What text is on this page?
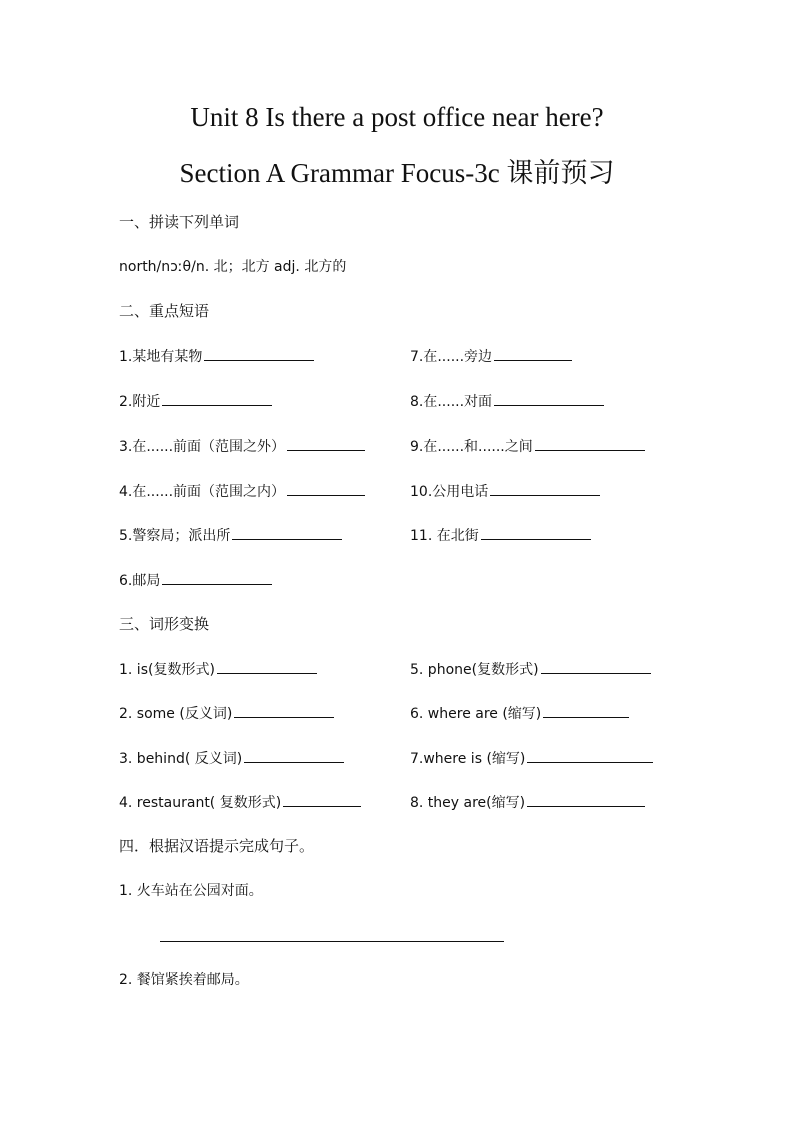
Unit 8 Is there a post office near here?
Section A Grammar Focus-3c 课前预习
一、拼读下列单词
north/nɔːθ/n. 北；北方 adj. 北方的
二、重点短语
1.某地有某物
2.附近
3.在......前面（范围之外）
4.在......前面（范围之内）
5.警察局；派出所
6.邮局
7.在......旁边
8.在......对面
9.在......和......之间
10.公用电话
11. 在北街
三、词形变换
1. is(复数形式)
2. some (反义词)
3. behind( 反义词)
4. restaurant( 复数形式)
5. phone(复数形式)
6. where are (缩写)
7.where is (缩写)
8. they are(缩写)
四．根据汉语提示完成句子。
1. 火车站在公园对面。
2. 餐馆紧挨着邮局。
